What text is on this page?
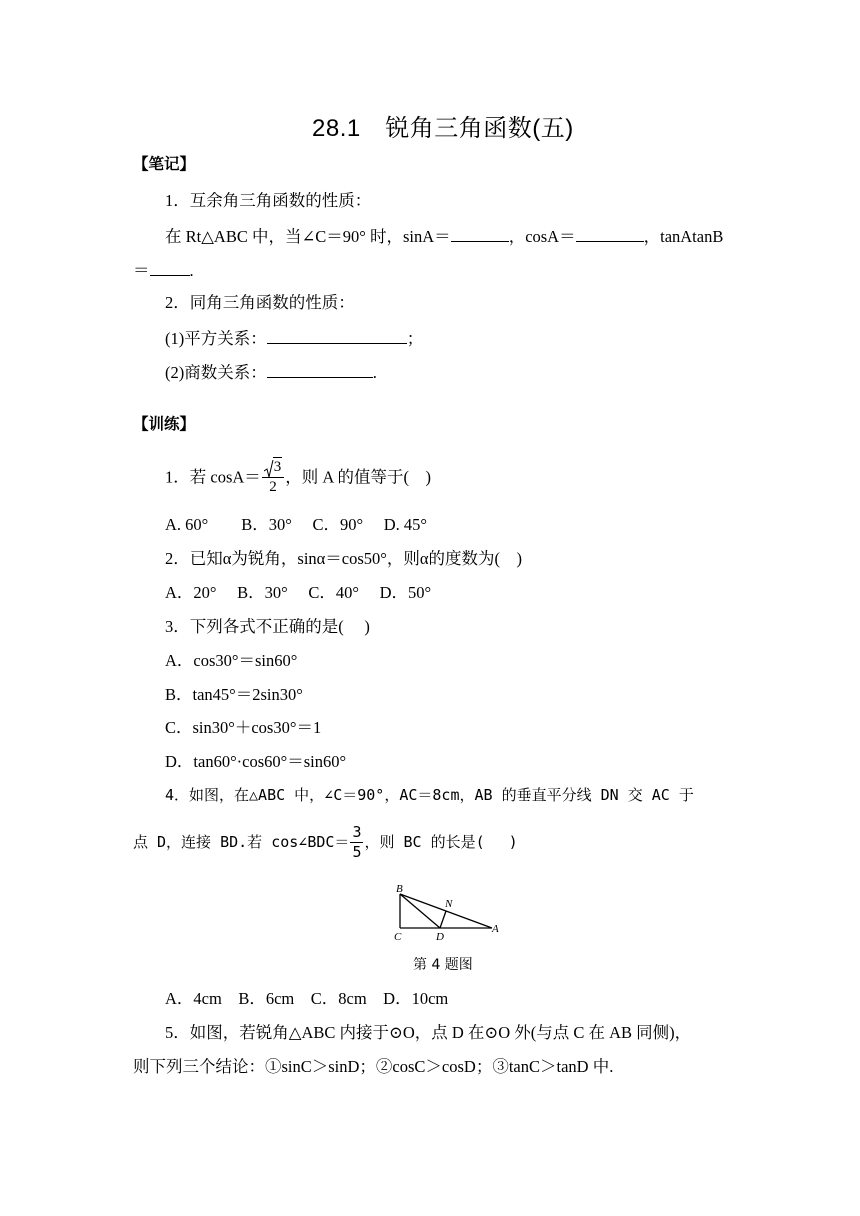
28.1　锐角三角函数(五)
【笔记】
1．互余角三角函数的性质：
在 Rt△ABC 中，当∠C＝90° 时，sinA＝	，cosA＝	，tanAtanB
＝ .
2．同角三角函数的性质：
(1)平方关系：	；
(2)商数关系：	.
【训练】
1．若 $\cos A= \frac{3}{2}$ ，则 A 的值等于(　)
A. 60°　　B．30°　 C．90°　 D. 45°
2．已知α为锐角，sinα＝cos50°，则α的度数为(　)
A．20°　 B．30°　 C．40°　 D．50°
3．下列各式不正确的是(　 )
A．cos30°＝sin60°
B．tan45°＝2sin30°
C．sin30°＋cos30°＝1
D．tan60°·cos60°＝sin60°
4．如图，在△ABC 中，∠C＝90°，AC＝8cm，AB 的垂直平分线 DN 交 AC 于
点 D，连接 BD.若 cos∠BDC＝ $\frac{3}{5}$ ，则 BC 的长是(　 )
B
N
C	D
A
第 4 题图
A．4cm　B．6cm　C．8cm　D．10cm
5．如图，若锐角△ABC 内接于⊙O，点 D 在⊙O 外(与点 C 在 AB 同侧)，
则下列三个结论：①sinC＞sinD；②cosC＞cosD；③tanC＞tanD 中.
